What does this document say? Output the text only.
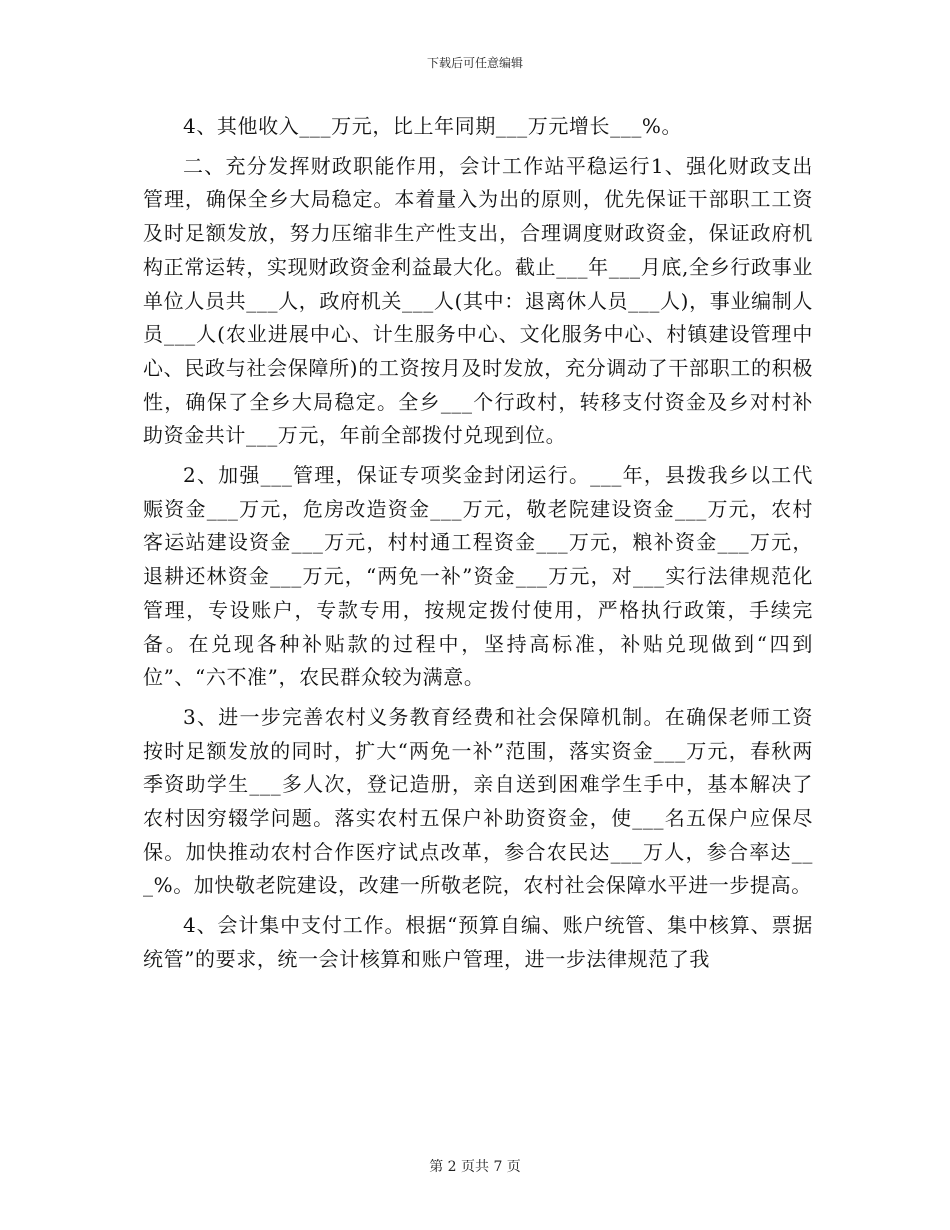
下载后可任意编辑

4、其他收入___万元，比上年同期___万元增长___%。

二、充分发挥财政职能作用，会计工作站平稳运行1、强化财政支出管理，确保全乡大局稳定。本着量入为出的原则，优先保证干部职工工资及时足额发放，努力压缩非生产性支出，合理调度财政资金，保证政府机构正常运转，实现财政资金利益最大化。截止___年___月底,全乡行政事业单位人员共___人，政府机关___人(其中：退离休人员___人)，事业编制人员___人(农业进展中心、计生服务中心、文化服务中心、村镇建设管理中心、民政与社会保障所)的工资按月及时发放，充分调动了干部职工的积极性，确保了全乡大局稳定。全乡___个行政村，转移支付资金及乡对村补助资金共计___万元，年前全部拨付兑现到位。

2、加强___管理，保证专项奖金封闭运行。___年，县拨我乡以工代赈资金___万元，危房改造资金___万元，敬老院建设资金___万元，农村客运站建设资金___万元，村村通工程资金___万元，粮补资金___万元，退耕还林资金___万元，“两免一补”资金___万元，对___实行法律规范化管理，专设账户，专款专用，按规定拨付使用，严格执行政策，手续完备。在兑现各种补贴款的过程中，坚持高标准，补贴兑现做到“四到位”、“六不准”，农民群众较为满意。

3、进一步完善农村义务教育经费和社会保障机制。在确保老师工资按时足额发放的同时，扩大“两免一补”范围，落实资金___万元，春秋两季资助学生___多人次，登记造册，亲自送到困难学生手中，基本解决了农村因穷辍学问题。落实农村五保户补助资资金，使___名五保户应保尽保。加快推动农村合作医疗试点改革，参合农民达___万人，参合率达___%。加快敬老院建设，改建一所敬老院，农村社会保障水平进一步提高。

4、会计集中支付工作。根据“预算自编、账户统管、集中核算、票据统管”的要求，统一会计核算和账户管理，进一步法律规范了我

第 2 页共 7 页
